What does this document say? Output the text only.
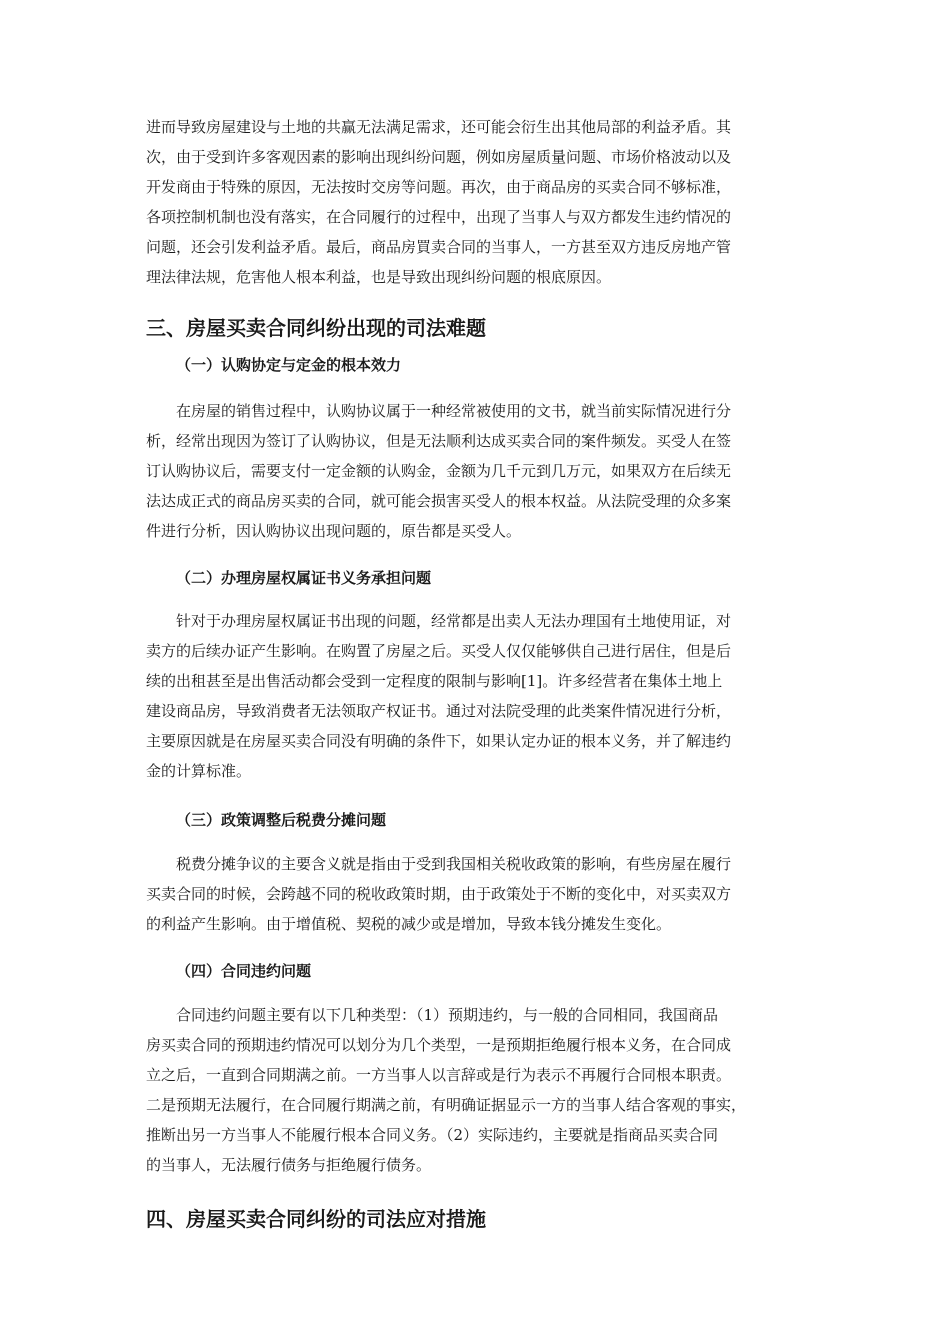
进而导致房屋建设与土地的共赢无法满足需求，还可能会衍生出其他局部的利益矛盾。其
次，由于受到许多客观因素的影响出现纠纷问题，例如房屋质量问题、市场价格波动以及
开发商由于特殊的原因，无法按时交房等问题。再次，由于商品房的买卖合同不够标准，
各项控制机制也没有落实，在合同履行的过程中，出现了当事人与双方都发生违约情况的
问题，还会引发利益矛盾。最后，商品房買卖合同的当事人，一方甚至双方违反房地产管
理法律法规，危害他人根本利益，也是导致出现纠纷问题的根底原因。

三、房屋买卖合同纠纷出现的司法难题
（一）认购协定与定金的根本效力

在房屋的销售过程中，认购协议属于一种经常被使用的文书，就当前实际情况进行分
析，经常出现因为签订了认购协议，但是无法顺利达成买卖合同的案件频发。买受人在签
订认购协议后，需要支付一定金额的认购金，金额为几千元到几万元，如果双方在后续无
法达成正式的商品房买卖的合同，就可能会损害买受人的根本权益。从法院受理的众多案
件进行分析，因认购协议出现问题的，原告都是买受人。

（二）办理房屋权属证书义务承担问题

针对于办理房屋权属证书出现的问题，经常都是出卖人无法办理国有土地使用证，对
卖方的后续办证产生影响。在购置了房屋之后。买受人仅仅能够供自己进行居住，但是后
续的出租甚至是出售活动都会受到一定程度的限制与影响[1]。许多经营者在集体土地上
建设商品房，导致消费者无法领取产权证书。通过对法院受理的此类案件情况进行分析，
主要原因就是在房屋买卖合同没有明确的条件下，如果认定办证的根本义务，并了解违约
金的计算标准。

（三）政策调整后税费分摊问题

税费分摊争议的主要含义就是指由于受到我国相关税收政策的影响，有些房屋在履行
买卖合同的时候，会跨越不同的税收政策时期，由于政策处于不断的变化中，对买卖双方
的利益产生影响。由于增值税、契税的减少或是增加，导致本钱分摊发生变化。

（四）合同违约问题

合同违约问题主要有以下几种类型：（1）预期违约，与一般的合同相同，我国商品
房买卖合同的预期违约情况可以划分为几个类型，一是预期拒绝履行根本义务，在合同成
立之后，一直到合同期满之前。一方当事人以言辞或是行为表示不再履行合同根本职责。
二是预期无法履行，在合同履行期满之前，有明确证据显示一方的当事人结合客观的事实，
推断出另一方当事人不能履行根本合同义务。（2）实际违约，主要就是指商品买卖合同
的当事人，无法履行债务与拒绝履行债务。

四、房屋买卖合同纠纷的司法应对措施
